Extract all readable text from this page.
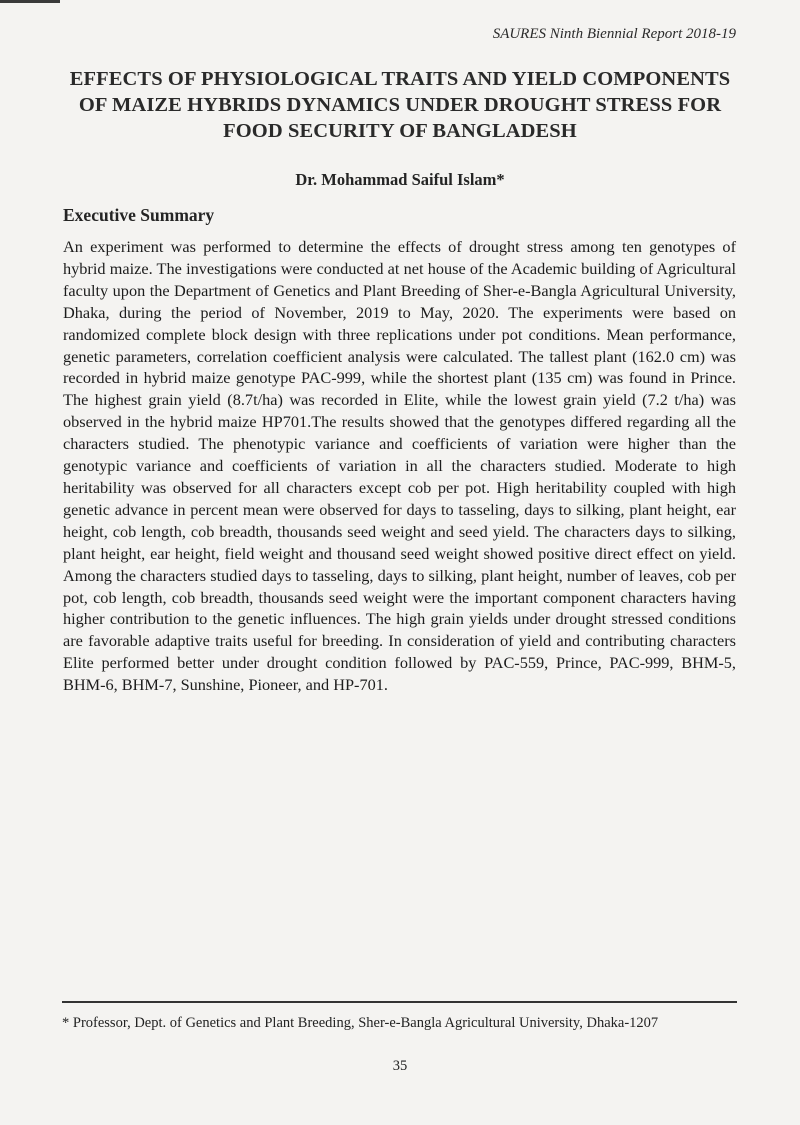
SAURES Ninth Biennial Report 2018-19
EFFECTS OF PHYSIOLOGICAL TRAITS AND YIELD COMPONENTS OF MAIZE HYBRIDS DYNAMICS UNDER DROUGHT STRESS FOR FOOD SECURITY OF BANGLADESH
Dr. Mohammad Saiful Islam*
Executive Summary

An experiment was performed to determine the effects of drought stress among ten genotypes of hybrid maize. The investigations were conducted at net house of the Academic building of Agricultural faculty upon the Department of Genetics and Plant Breeding of Sher-e-Bangla Agricultural University, Dhaka, during the period of November, 2019 to May, 2020. The experiments were based on randomized complete block design with three replications under pot conditions. Mean performance, genetic parameters, correlation coefficient analysis were calculated. The tallest plant (162.0 cm) was recorded in hybrid maize genotype PAC-999, while the shortest plant (135 cm) was found in Prince. The highest grain yield (8.7t/ha) was recorded in Elite, while the lowest grain yield (7.2 t/ha) was observed in the hybrid maize HP701.The results showed that the genotypes differed regarding all the characters studied. The phenotypic variance and coefficients of variation were higher than the genotypic variance and coefficients of variation in all the characters studied. Moderate to high heritability was observed for all characters except cob per pot. High heritability coupled with high genetic advance in percent mean were observed for days to tasseling, days to silking, plant height, ear height, cob length, cob breadth, thousands seed weight and seed yield. The characters days to silking, plant height, ear height, field weight and thousand seed weight showed positive direct effect on yield. Among the characters studied days to tasseling, days to silking, plant height, number of leaves, cob per pot, cob length, cob breadth, thousands seed weight were the important component characters having higher contribution to the genetic influences. The high grain yields under drought stressed conditions are favorable adaptive traits useful for breeding. In consideration of yield and contributing characters Elite performed better under drought condition followed by PAC-559, Prince, PAC-999, BHM-5, BHM-6, BHM-7, Sunshine, Pioneer, and HP-701.

* Professor, Dept. of Genetics and Plant Breeding, Sher-e-Bangla Agricultural University, Dhaka-1207
35
